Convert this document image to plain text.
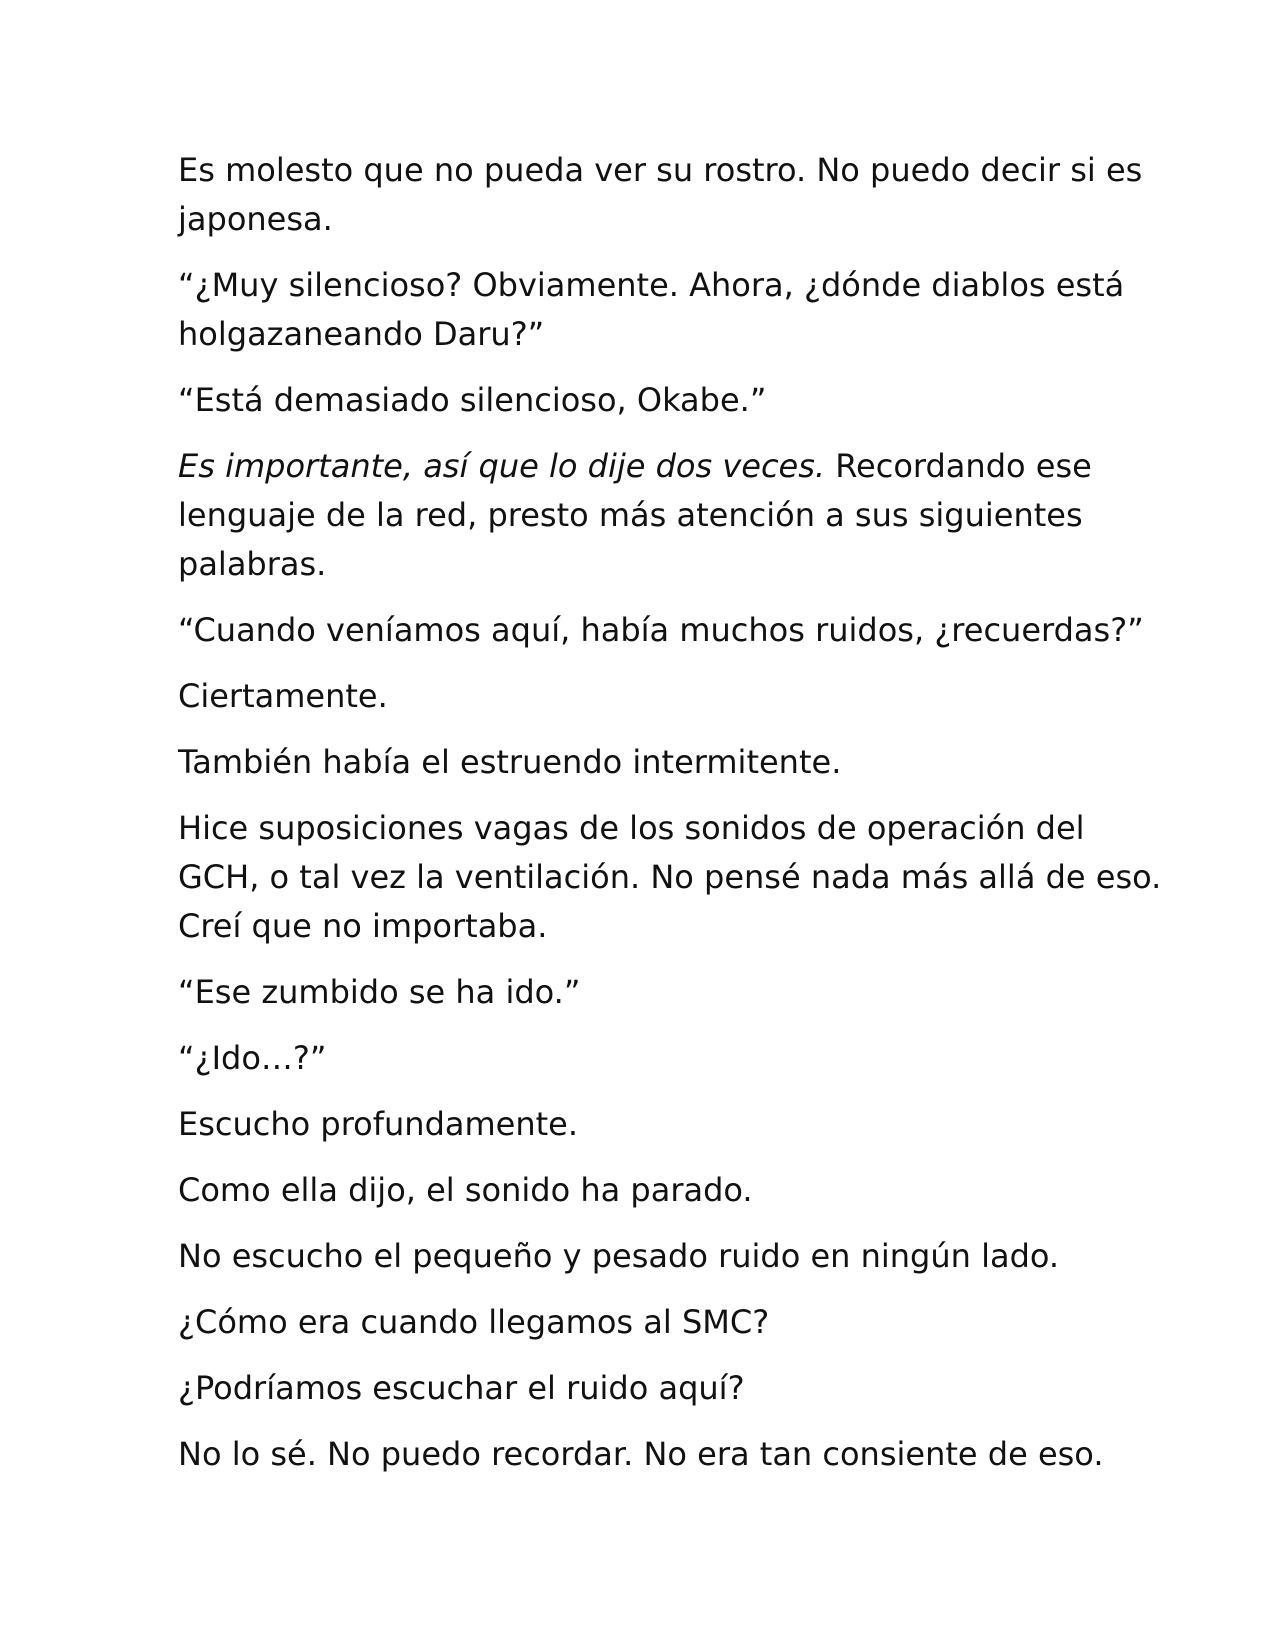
Es molesto que no pueda ver su rostro. No puedo decir si es
japonesa.

“¿Muy silencioso? Obviamente. Ahora, ¿dónde diablos está
holgazaneando Daru?”

“Está demasiado silencioso, Okabe.”

Es importante, así que lo dije dos veces. Recordando ese
lenguaje de la red, presto más atención a sus siguientes
palabras.

“Cuando veníamos aquí, había muchos ruidos, ¿recuerdas?”

Ciertamente.

También había el estruendo intermitente.

Hice suposiciones vagas de los sonidos de operación del
GCH, o tal vez la ventilación. No pensé nada más allá de eso.
Creí que no importaba.

“Ese zumbido se ha ido.”

“¿Ido…?”

Escucho profundamente.

Como ella dijo, el sonido ha parado.

No escucho el pequeño y pesado ruido en ningún lado.

¿Cómo era cuando llegamos al SMC?

¿Podríamos escuchar el ruido aquí?

No lo sé. No puedo recordar. No era tan consiente de eso.
